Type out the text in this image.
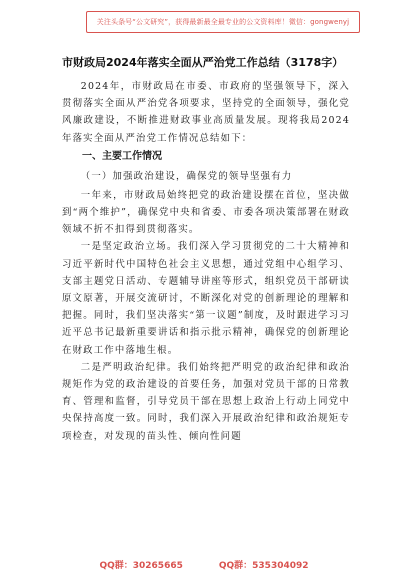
关注头条号“公文研究”，获得最新最全最专业的公文资料库！微信：gongwenyj
市财政局2024年落实全面从严治党工作总结（3178字）

2024年，市财政局在市委、市政府的坚强领导下，深入贯彻落实全面从严治党各项要求，坚持党的全面领导，强化党风廉政建设，不断推进财政事业高质量发展。现将我局2024年落实全面从严治党工作情况总结如下：

一、主要工作情况

（一）加强政治建设，确保党的领导坚强有力

一年来，市财政局始终把党的政治建设摆在首位，坚决做到“两个维护”，确保党中央和省委、市委各项决策部署在财政领域不折不扣得到贯彻落实。

一是坚定政治立场。我们深入学习贯彻党的二十大精神和习近平新时代中国特色社会主义思想，通过党组中心组学习、支部主题党日活动、专题辅导讲座等形式，组织党员干部研读原文原著，开展交流研讨，不断深化对党的创新理论的理解和把握。同时，我们坚决落实“第一议题”制度，及时跟进学习习近平总书记最新重要讲话和指示批示精神，确保党的创新理论在财政工作中落地生根。

二是严明政治纪律。我们始终把严明党的政治纪律和政治规矩作为党的政治建设的首要任务，加强对党员干部的日常教育、管理和监督，引导党员干部在思想上政治上行动上同党中央保持高度一致。同时，我们深入开展政治纪律和政治规矩专项检查，对发现的苗头性、倾向性问题

QQ群：30265665	QQ群：535304092
